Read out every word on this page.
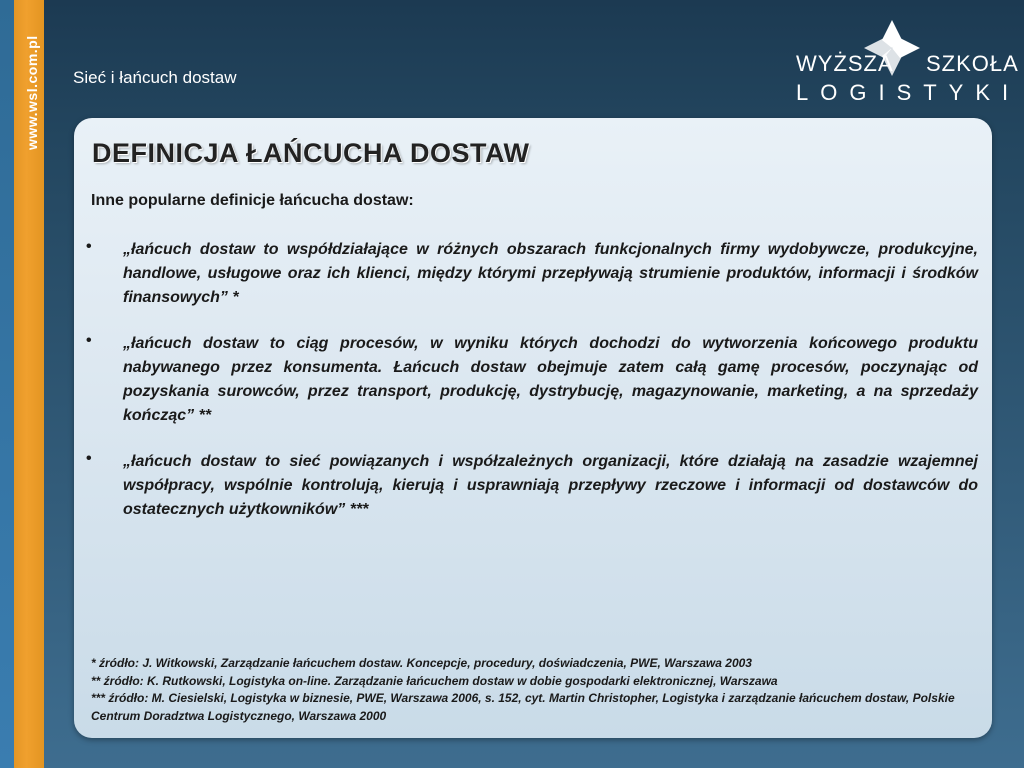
www.wsl.com.pl Sieć i łańcuch dostaw
WYŻSZA SZKOŁA
LOGISTYKI
DEFINICJA ŁAŃCUCHA DOSTAW
Inne popularne definicje łańcucha dostaw:
• „łańcuch dostaw to współdziałające w różnych obszarach funkcjonalnych firmy wydobywcze, produkcyjne, handlowe, usługowe oraz ich klienci, między którymi przepływają strumienie produktów, informacji i środków finansowych” *
• „łańcuch dostaw to ciąg procesów, w wyniku których dochodzi do wytworzenia końcowego produktu nabywanego przez konsumenta. Łańcuch dostaw obejmuje zatem całą gamę procesów, poczynając od pozyskania surowców, przez transport, produkcję, dystrybucję, magazynowanie, marketing, a na sprzedaży kończąc” **
• „łańcuch dostaw to sieć powiązanych i współzależnych organizacji, które działają na zasadzie wzajemnej współpracy, wspólnie kontrolują, kierują i usprawniają przepływy rzeczowe i informacji od dostawców do ostatecznych użytkowników” ***
* źródło: J. Witkowski, Zarządzanie łańcuchem dostaw. Koncepcje, procedury, doświadczenia, PWE, Warszawa 2003
** źródło: K. Rutkowski, Logistyka on-line. Zarządzanie łańcuchem dostaw w dobie gospodarki elektronicznej, Warszawa
*** źródło: M. Ciesielski, Logistyka w biznesie, PWE, Warszawa 2006, s. 152, cyt. Martin Christopher, Logistyka i zarządzanie łańcuchem dostaw, Polskie Centrum Doradztwa Logistycznego, Warszawa 2000
